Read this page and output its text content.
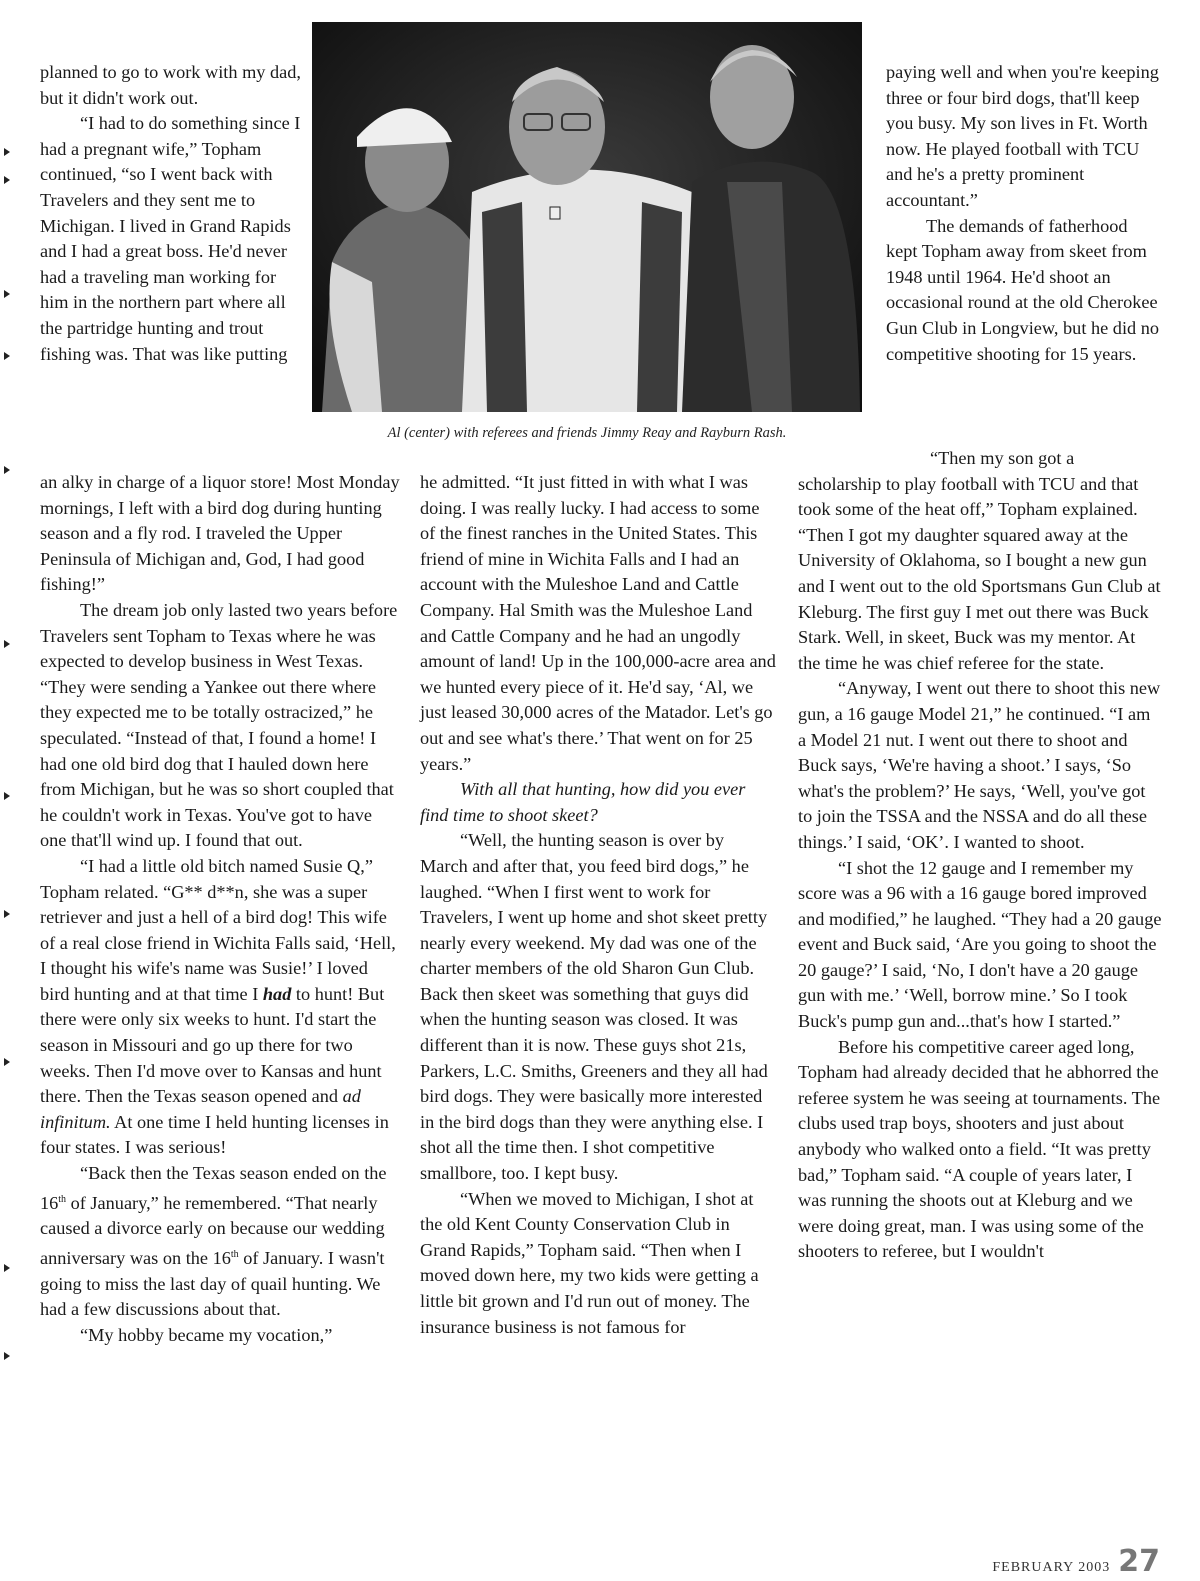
planned to go to work with my dad, but it didn't work out.

“I had to do something since I had a pregnant wife,” Topham continued, “so I went back with Travelers and they sent me to Michigan. I lived in Grand Rapids and I had a great boss. He'd never had a traveling man working for him in the northern part where all the partridge hunting and trout fishing was. That was like putting

Al (center) with referees and friends Jimmy Reay and Rayburn Rash.

an alky in charge of a liquor store! Most Monday mornings, I left with a bird dog during hunting season and a fly rod. I traveled the Upper Peninsula of Michigan and, God, I had good fishing!”

The dream job only lasted two years before Travelers sent Topham to Texas where he was expected to develop business in West Texas. “They were sending a Yankee out there where they expected me to be totally ostracized,” he speculated. “Instead of that, I found a home! I had one old bird dog that I hauled down here from Michigan, but he was so short coupled that he couldn't work in Texas. You've got to have one that'll wind up. I found that out.

“I had a little old bitch named Susie Q,” Topham related. “G** d**n, she was a super retriever and just a hell of a bird dog! This wife of a real close friend in Wichita Falls said, ‘Hell, I thought his wife's name was Susie!’ I loved bird hunting and at that time I had to hunt! But there were only six weeks to hunt. I'd start the season in Missouri and go up there for two weeks. Then I'd move over to Kansas and hunt there. Then the Texas season opened and ad infinitum. At one time I held hunting licenses in four states. I was serious!

“Back then the Texas season ended on the 16th of January,” he remembered. “That nearly caused a divorce early on because our wedding anniversary was on the 16th of January. I wasn't going to miss the last day of quail hunting. We had a few discussions about that.

“My hobby became my vocation,”

he admitted. “It just fitted in with what I was doing. I was really lucky. I had access to some of the finest ranches in the United States. This friend of mine in Wichita Falls and I had an account with the Muleshoe Land and Cattle Company. Hal Smith was the Muleshoe Land and Cattle Company and he had an ungodly amount of land! Up in the 100,000-acre area and we hunted every piece of it. He'd say, ‘Al, we just leased 30,000 acres of the Matador. Let's go out and see what's there.’ That went on for 25 years.”

With all that hunting, how did you ever find time to shoot skeet?

“Well, the hunting season is over by March and after that, you feed bird dogs,” he laughed. “When I first went to work for Travelers, I went up home and shot skeet pretty nearly every weekend. My dad was one of the charter members of the old Sharon Gun Club. Back then skeet was something that guys did when the hunting season was closed. It was different than it is now. These guys shot 21s, Parkers, L.C. Smiths, Greeners and they all had bird dogs. They were basically more interested in the bird dogs than they were anything else. I shot all the time then. I shot competitive smallbore, too. I kept busy.

“When we moved to Michigan, I shot at the old Kent County Conservation Club in Grand Rapids,” Topham said. “Then when I moved down here, my two kids were getting a little bit grown and I'd run out of money. The insurance business is not famous for

paying well and when you're keeping three or four bird dogs, that'll keep you busy. My son lives in Ft. Worth now. He played football with TCU and he's a pretty prominent accountant.”

The demands of fatherhood kept Topham away from skeet from 1948 until 1964. He'd shoot an occasional round at the old Cherokee Gun Club in Longview, but he did no competitive shooting for 15 years.

“Then my son got a scholarship to play football with TCU and that took some of the heat off,” Topham explained. “Then I got my daughter squared away at the University of Oklahoma, so I bought a new gun and I went out to the old Sportsmans Gun Club at Kleburg. The first guy I met out there was Buck Stark. Well, in skeet, Buck was my mentor. At the time he was chief referee for the state.

“Anyway, I went out there to shoot this new gun, a 16 gauge Model 21,” he continued. “I am a Model 21 nut. I went out there to shoot and Buck says, ‘We're having a shoot.’ I says, ‘So what's the problem?’ He says, ‘Well, you've got to join the TSSA and the NSSA and do all these things.’ I said, ‘OK’. I wanted to shoot.

“I shot the 12 gauge and I remember my score was a 96 with a 16 gauge bored improved and modified,” he laughed. “They had a 20 gauge event and Buck said, ‘Are you going to shoot the 20 gauge?’ I said, ‘No, I don't have a 20 gauge gun with me.’ ‘Well, borrow mine.’ So I took Buck's pump gun and...that's how I started.”

Before his competitive career aged long, Topham had already decided that he abhorred the referee system he was seeing at tournaments. The clubs used trap boys, shooters and just about anybody who walked onto a field. “It was pretty bad,” Topham said. “A couple of years later, I was running the shoots out at Kleburg and we were doing great, man. I was using some of the shooters to referee, but I wouldn't

FEBRUARY 2003 27
